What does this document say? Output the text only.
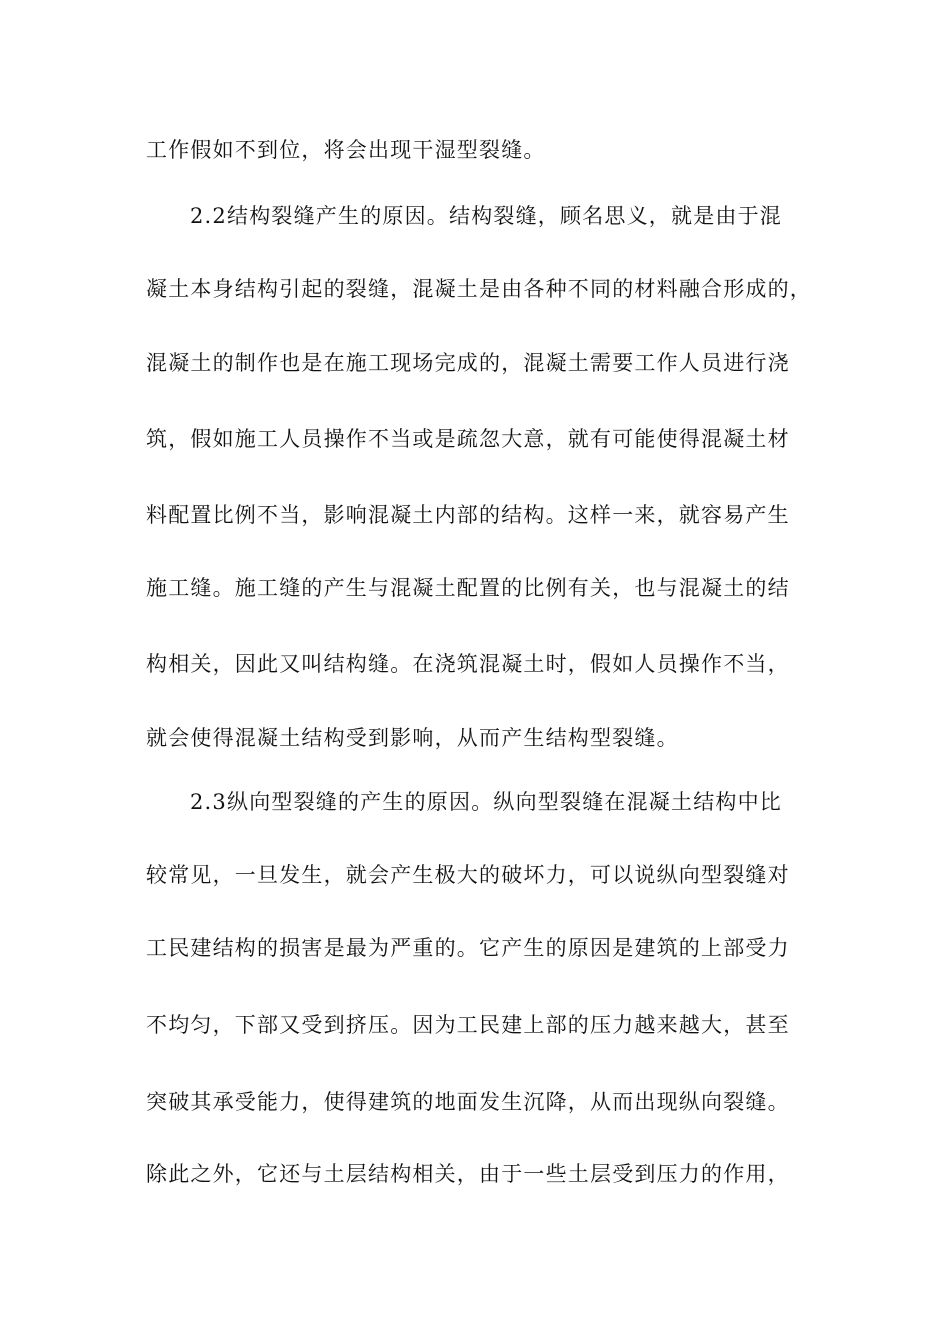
工作假如不到位，将会出现干湿型裂缝。

2.2结构裂缝产生的原因。结构裂缝，顾名思义，就是由于混

凝土本身结构引起的裂缝，混凝土是由各种不同的材料融合形成的，

混凝土的制作也是在施工现场完成的，混凝土需要工作人员进行浇

筑，假如施工人员操作不当或是疏忽大意，就有可能使得混凝土材

料配置比例不当，影响混凝土内部的结构。这样一来，就容易产生

施工缝。施工缝的产生与混凝土配置的比例有关，也与混凝土的结

构相关，因此又叫结构缝。在浇筑混凝土时，假如人员操作不当，

就会使得混凝土结构受到影响，从而产生结构型裂缝。

2.3纵向型裂缝的产生的原因。纵向型裂缝在混凝土结构中比

较常见，一旦发生，就会产生极大的破坏力，可以说纵向型裂缝对

工民建结构的损害是最为严重的。它产生的原因是建筑的上部受力

不均匀，下部又受到挤压。因为工民建上部的压力越来越大，甚至

突破其承受能力，使得建筑的地面发生沉降，从而出现纵向裂缝。

除此之外，它还与土层结构相关，由于一些土层受到压力的作用，
